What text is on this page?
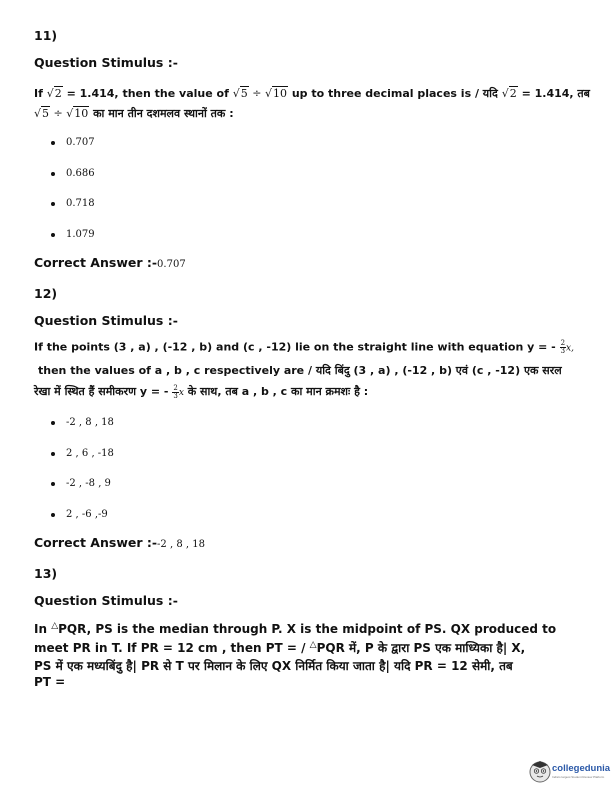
11)
Question Stimulus :-
If √2 = 1.414, then the value of √5 ÷ √10 up to three decimal places is / यदि √2 = 1.414, तब
√5 ÷ √10 का मान तीन दशमलव स्थानों तक :
0.707
0.686
0.718
1.079
Correct Answer :-0.707
12)
Question Stimulus :-
If the points (3 , a) , (-12 , b) and (c , -12) lie on the straight line with equation y = - $\frac{2}{3} x$,
then the values of a , b , c respectively are / यदि बिंदु (3 , a) , (-12 , b) एवं (c , -12) एक सरल
रेखा में स्थित हैं समीकरण y = - $\frac{2}{3}$ x के साथ, तब a , b , c का मान क्रमशः है :
-2 , 8 , 18
2 , 6 , -18
-2 , -8 , 9
2 , -6 ,-9
Correct Answer :--2 , 8 , 18
13)
Question Stimulus :-
In △PQR, PS is the median through P. X is the midpoint of PS. QX produced to
meet PR in T. If PR = 12 cm , then PT = / △PQR में, P के द्वारा PS एक माध्यिका है| X,
PS में एक मध्यबिंदु है| PR से T पर मिलान के लिए QX निर्मित किया जाता है| यदि PR = 12 सेमी, तब
PT =
collegedunia
India's largest Student Review Platform
